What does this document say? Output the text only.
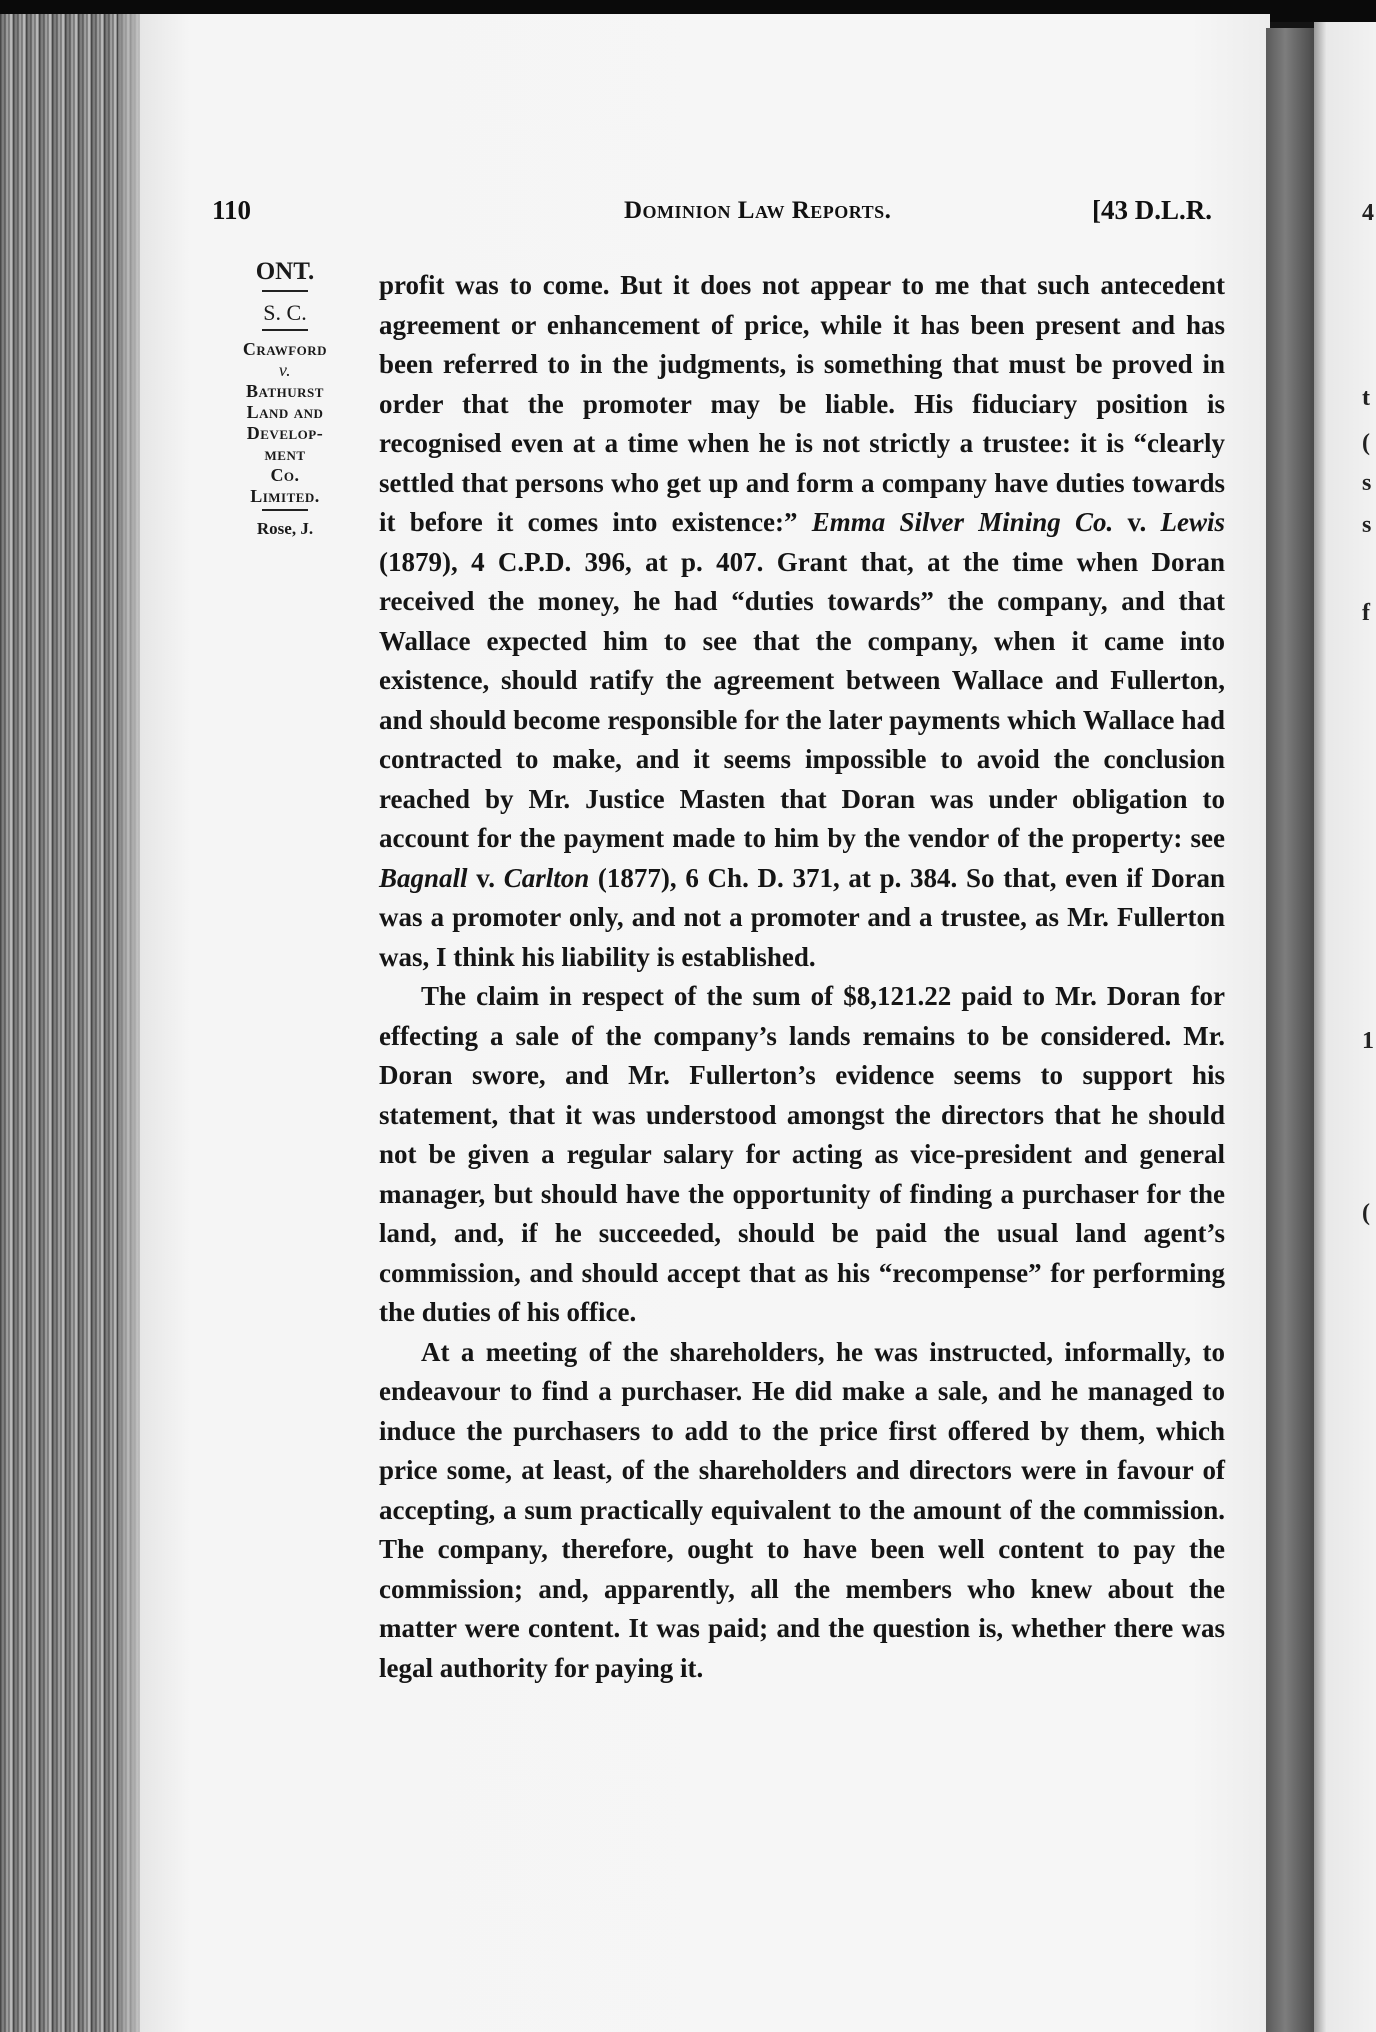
4
t
(
s
s
f
1
(
110	Dominion Law Reports.	[43 D.L.R.
ONT.
S. C.
Crawford
v.
Bathurst
Land and
Develop-
ment
Co.
Limited.
Rose, J.

profit was to come. But it does not appear to me that such antecedent agreement or enhancement of price, while it has been present and has been referred to in the judgments, is something that must be proved in order that the promoter may be liable. His fiduciary position is recognised even at a time when he is not strictly a trustee: it is “clearly settled that persons who get up and form a company have duties towards it before it comes into existence:” Emma Silver Mining Co. v. Lewis (1879), 4 C.P.D. 396, at p. 407. Grant that, at the time when Doran received the money, he had “duties towards” the company, and that Wallace expected him to see that the company, when it came into existence, should ratify the agreement between Wallace and Fullerton, and should become responsible for the later payments which Wallace had contracted to make, and it seems impossible to avoid the conclusion reached by Mr. Justice Masten that Doran was under obligation to account for the payment made to him by the vendor of the property: see Bagnall v. Carlton (1877), 6 Ch. D. 371, at p. 384. So that, even if Doran was a promoter only, and not a promoter and a trustee, as Mr. Fullerton was, I think his liability is established.

The claim in respect of the sum of $8,121.22 paid to Mr. Doran for effecting a sale of the company’s lands remains to be considered. Mr. Doran swore, and Mr. Fullerton’s evidence seems to support his statement, that it was understood amongst the directors that he should not be given a regular salary for acting as vice-president and general manager, but should have the opportunity of finding a purchaser for the land, and, if he succeeded, should be paid the usual land agent’s commission, and should accept that as his “recompense” for performing the duties of his office.

At a meeting of the shareholders, he was instructed, informally, to endeavour to find a purchaser. He did make a sale, and he managed to induce the purchasers to add to the price first offered by them, which price some, at least, of the shareholders and directors were in favour of accepting, a sum practically equivalent to the amount of the commission. The company, therefore, ought to have been well content to pay the commission; and, apparently, all the members who knew about the matter were content. It was paid; and the question is, whether there was legal authority for paying it.
